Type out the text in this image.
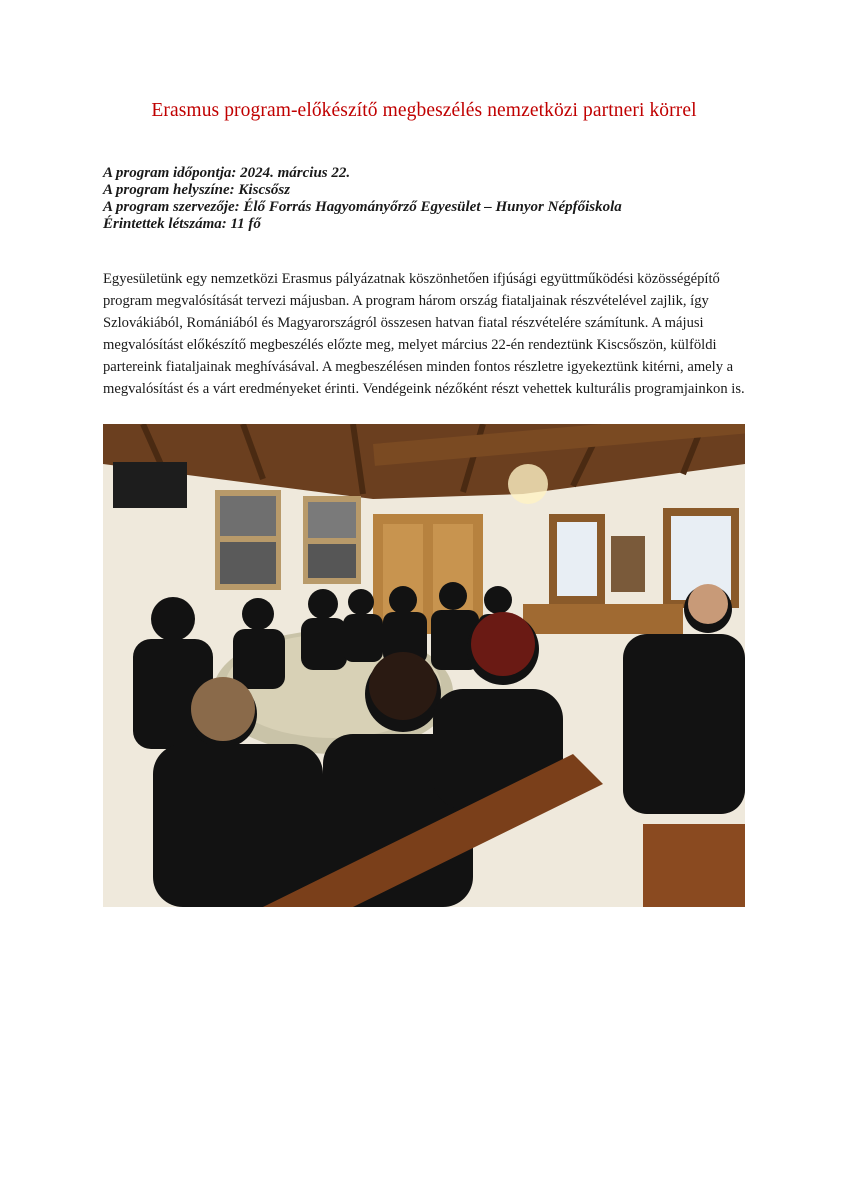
Erasmus program-előkészítő megbeszélés nemzetközi partneri körrel
A program időpontja: 2024. március 22.
A program helyszíne: Kiscsősz
A program szervezője: Élő Forrás Hagyományőrző Egyesület – Hunyor Népfőiskola
Érintettek létszáma: 11 fő

Egyesületünk egy nemzetközi Erasmus pályázatnak köszönhetően ifjúsági együttműködési közösségépítő program megvalósítását tervezi májusban. A program három ország fiataljainak részvételével zajlik, így Szlovákiából, Romániából és Magyarországról összesen hatvan fiatal részvételére számítunk. A májusi megvalósítást előkészítő megbeszélés előzte meg, melyet március 22-én rendeztünk Kiscsőszön, külföldi partereink fiataljainak meghívásával. A megbeszélésen minden fontos részletre igyekeztünk kitérni, amely a megvalósítást és a várt eredményeket érinti. Vendégeink nézőként részt vehettek kulturális programjainkon is.
